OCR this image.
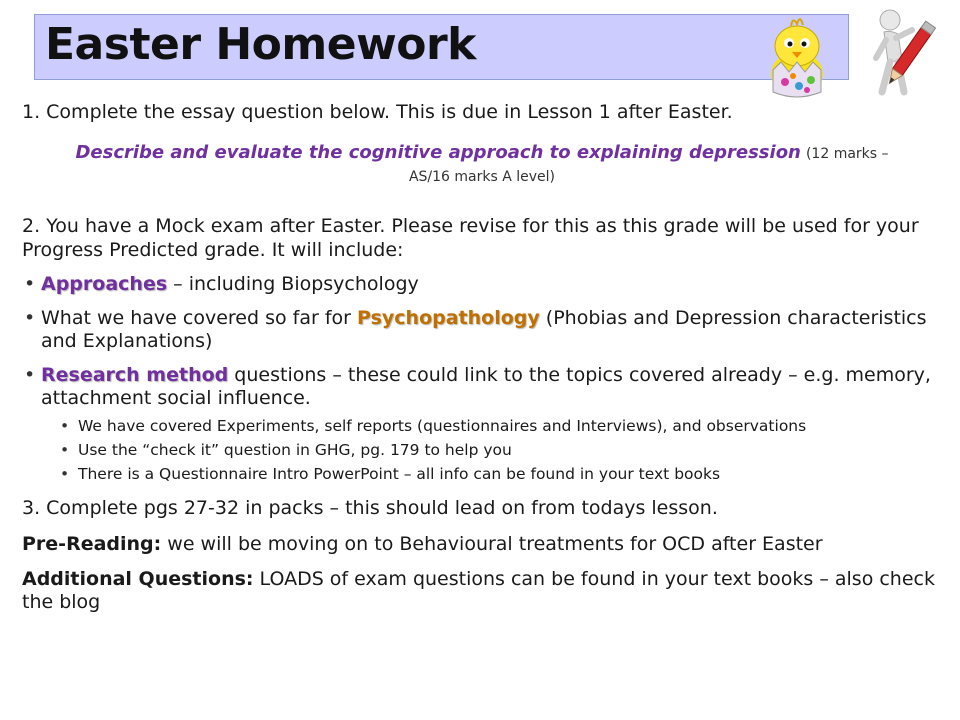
Easter Homework

1. Complete the essay question below. This is due in Lesson 1 after Easter.

Describe and evaluate the cognitive approach to explaining depression (12 marks –
AS/16 marks A level)

2. You have a Mock exam after Easter. Please revise for this as this grade will be used for your Progress Predicted grade. It will include:

• Approaches – including Biopsychology
• What we have covered so far for Psychopathology (Phobias and Depression characteristics and Explanations)
• Research method questions – these could link to the topics covered already – e.g. memory, attachment social influence.
• We have covered Experiments, self reports (questionnaires and Interviews), and observations
• Use the “check it” question in GHG, pg. 179 to help you
• There is a Questionnaire Intro PowerPoint – all info can be found in your text books

3. Complete pgs 27-32 in packs – this should lead on from todays lesson.

Pre-Reading: we will be moving on to Behavioural treatments for OCD after Easter

Additional Questions: LOADS of exam questions can be found in your text books – also check the blog
